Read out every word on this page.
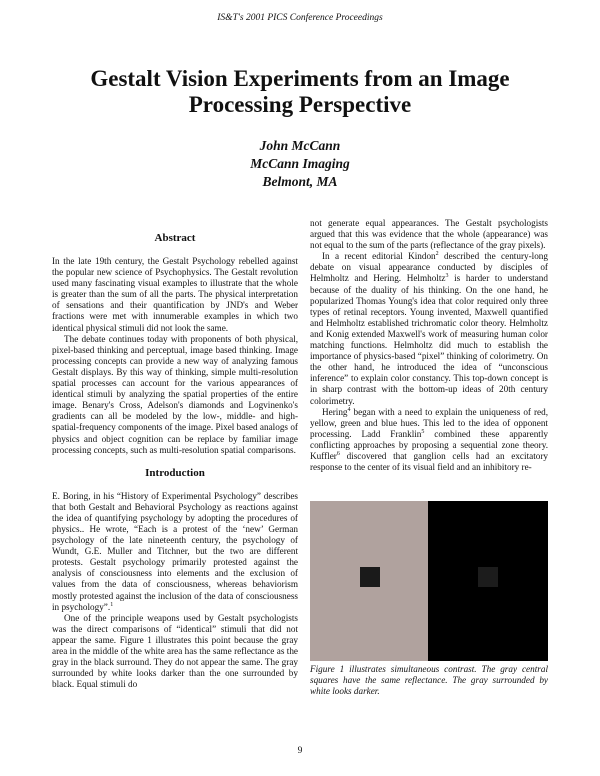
IS&T's 2001 PICS Conference Proceedings
Gestalt Vision Experiments from an Image
Processing Perspective
John McCann
McCann Imaging
Belmont, MA
Abstract

In the late 19th century, the Gestalt Psychology rebelled against the popular new science of Psychophysics. The Gestalt revolution used many fascinating visual examples to illustrate that the whole is greater than the sum of all the parts. The physical interpretation of sensations and their quantification by JND's and Weber fractions were met with innumerable examples in which two identical physical stimuli did not look the same.

The debate continues today with proponents of both physical, pixel-based thinking and perceptual, image based thinking. Image processing concepts can provide a new way of analyzing famous Gestalt displays. By this way of thinking, simple multi-resolution spatial processes can account for the various appearances of identical stimuli by analyzing the spatial properties of the entire image. Benary's Cross, Adelson's diamonds and Logvinenko's gradients can all be modeled by the low-, middle- and high-spatial-frequency components of the image. Pixel based analogs of physics and object cognition can be replace by familiar image processing concepts, such as multi-resolution spatial comparisons.

Introduction

E. Boring, in his “History of Experimental Psychology” describes that both Gestalt and Behavioral Psychology as reactions against the idea of quantifying psychology by adopting the procedures of physics.. He wrote, “Each is a protest of the ‘new’ German psychology of the late nineteenth century, the psychology of Wundt, G.E. Muller and Titchner, but the two are different protests. Gestalt psychology primarily protested against the analysis of consciousness into elements and the exclusion of values from the data of consciousness, whereas behaviorism mostly protested against the inclusion of the data of consciousness in psychology”.$^1$

One of the principle weapons used by Gestalt psychologists was the direct comparisons of “identical” stimuli that did not appear the same. Figure 1 illustrates this point because the gray area in the middle of the white area has the same reflectance as the gray in the black surround. They do not appear the same. The gray surrounded by white looks darker than the one surrounded by black. Equal stimuli do

not generate equal appearances. The Gestalt psychologists argued that this was evidence that the whole (appearance) was not equal to the sum of the parts (reflectance of the gray pixels).

In a recent editorial Kindon$^2$ described the century-long debate on visual appearance conducted by disciples of Helmholtz and Hering. Helmholtz$^3$ is harder to understand because of the duality of his thinking. On the one hand, he popularized Thomas Young's idea that color required only three types of retinal receptors. Young invented, Maxwell quantified and Helmholtz established trichromatic color theory. Helmholtz and Konig extended Maxwell's work of measuring human color matching functions. Helmholtz did much to establish the importance of physics-based “pixel” thinking of colorimetry. On the other hand, he introduced the idea of “unconscious inference” to explain color constancy. This top-down concept is in sharp contrast with the bottom-up ideas of 20th century colorimetry.

Hering$^4$ began with a need to explain the uniqueness of red, yellow, green and blue hues. This led to the idea of opponent processing. Ladd Franklin$^5$ combined these apparently conflicting approaches by proposing a sequential zone theory. Kuffler$^6$ discovered that ganglion cells had an excitatory response to the center of its visual field and an inhibitory re-

Figure 1 illustrates simultaneous contrast. The gray central squares have the same reflectance. The gray surrounded by white looks darker.
9
